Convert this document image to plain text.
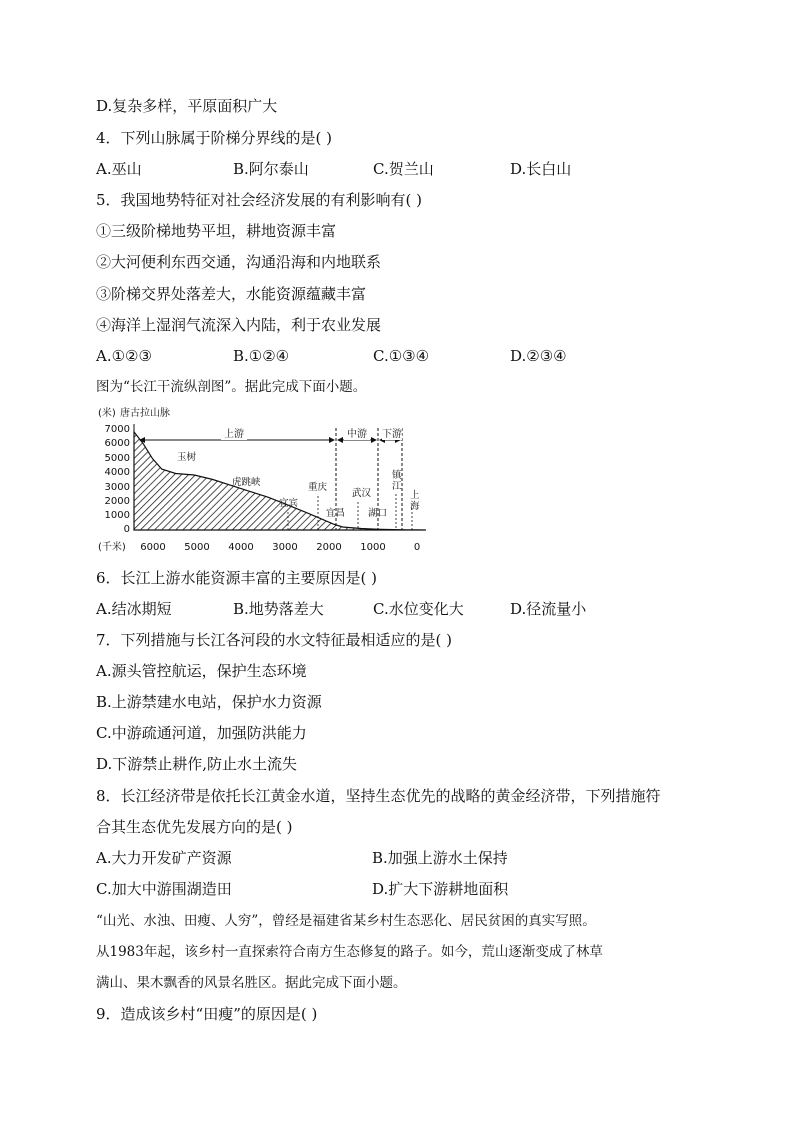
D.复杂多样，平原面积广大
4．下列山脉属于阶梯分界线的是( )
A.巫山	B.阿尔泰山	C.贺兰山	D.长白山
5．我国地势特征对社会经济发展的有利影响有( )
①三级阶梯地势平坦，耕地资源丰富
②大河便利东西交通，沟通沿海和内地联系
③阶梯交界处落差大，水能资源蕴藏丰富
④海洋上湿润气流深入内陆，利于农业发展
A.①②③	B.①②④	C.①③④	D.②③④
图为“长江干流纵剖图”。据此完成下面小题。
(米) 唐古拉山脉
(千米)
7000
6000
5000
4000
3000
2000
1000
0
6000 5000 4000 3000 2000 1000	0
上游	中游 下游
玉树
虎跳峡
宜宾
重庆
宜昌
武汉
湖口
镇江
上海
6．长江上游水能资源丰富的主要原因是( )
A.结冰期短	B.地势落差大	C.水位变化大	D.径流量小
7．下列措施与长江各河段的水文特征最相适应的是( )
A.源头管控航运，保护生态环境
B.上游禁建水电站，保护水力资源
C.中游疏通河道，加强防洪能力
D.下游禁止耕作,防止水土流失
8．长江经济带是依托长江黄金水道，坚持生态优先的战略的黄金经济带，下列措施符
合其生态优先发展方向的是( )
A.大力开发矿产资源	B.加强上游水土保持
C.加大中游围湖造田	D.扩大下游耕地面积
“山光、水浊、田瘦、人穷”，曾经是福建省某乡村生态恶化、居民贫困的真实写照。
从1983年起，该乡村一直探索符合南方生态修复的路子。如今，荒山逐渐变成了林草
满山、果木飘香的风景名胜区。据此完成下面小题。
9．造成该乡村“田瘦”的原因是( )
